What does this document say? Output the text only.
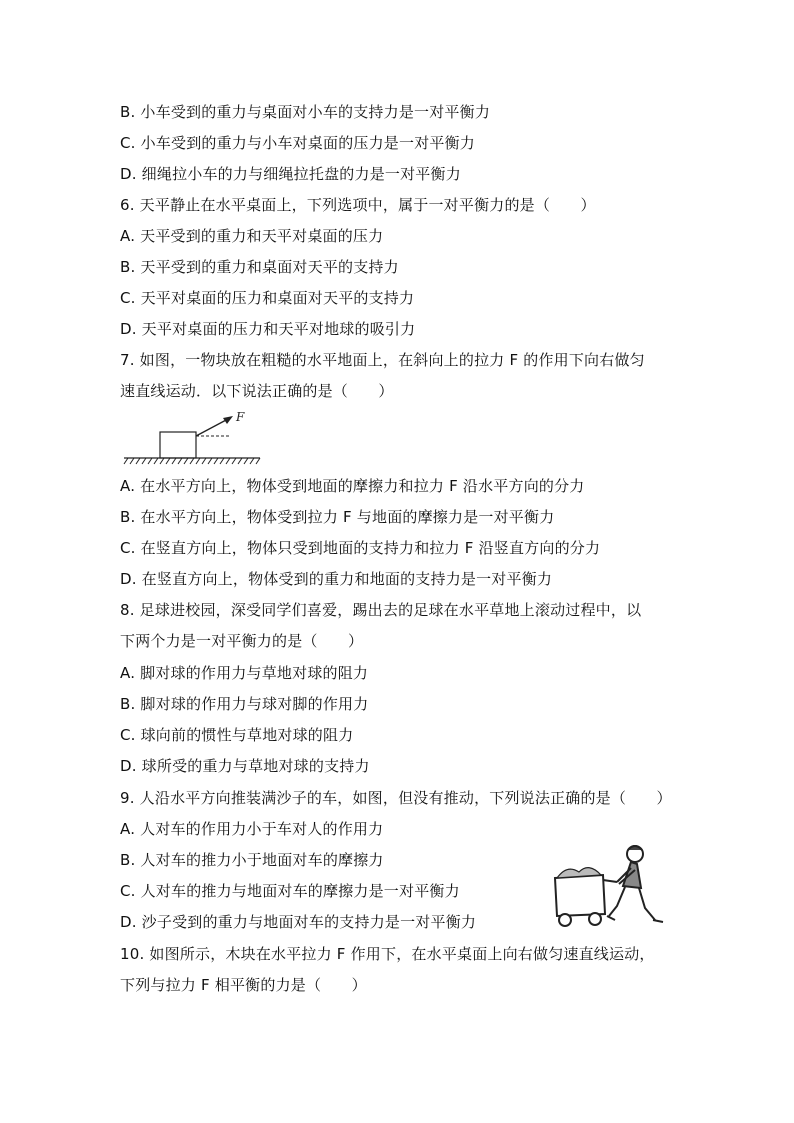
B. 小车受到的重力与桌面对小车的支持力是一对平衡力
C. 小车受到的重力与小车对桌面的压力是一对平衡力
D. 细绳拉小车的力与细绳拉托盘的力是一对平衡力
6. 天平静止在水平桌面上，下列选项中，属于一对平衡力的是（　　）
A. 天平受到的重力和天平对桌面的压力
B. 天平受到的重力和桌面对天平的支持力
C. 天平对桌面的压力和桌面对天平的支持力
D. 天平对桌面的压力和天平对地球的吸引力
7. 如图，一物块放在粗糙的水平地面上，在斜向上的拉力 F 的作用下向右做匀
速直线运动．以下说法正确的是（　　）
F
A. 在水平方向上，物体受到地面的摩擦力和拉力 F 沿水平方向的分力
B. 在水平方向上，物体受到拉力 F 与地面的摩擦力是一对平衡力
C. 在竖直方向上，物体只受到地面的支持力和拉力 F 沿竖直方向的分力
D. 在竖直方向上，物体受到的重力和地面的支持力是一对平衡力
8. 足球进校园，深受同学们喜爱，踢出去的足球在水平草地上滚动过程中，以
下两个力是一对平衡力的是（　　）
A. 脚对球的作用力与草地对球的阻力
B. 脚对球的作用力与球对脚的作用力
C. 球向前的惯性与草地对球的阻力
D. 球所受的重力与草地对球的支持力
9. 人沿水平方向推装满沙子的车，如图，但没有推动，下列说法正确的是（　　）
A. 人对车的作用力小于车对人的作用力
B. 人对车的推力小于地面对车的摩擦力
C. 人对车的推力与地面对车的摩擦力是一对平衡力
D. 沙子受到的重力与地面对车的支持力是一对平衡力
10. 如图所示，木块在水平拉力 F 作用下，在水平桌面上向右做匀速直线运动，
下列与拉力 F 相平衡的力是（　　）
